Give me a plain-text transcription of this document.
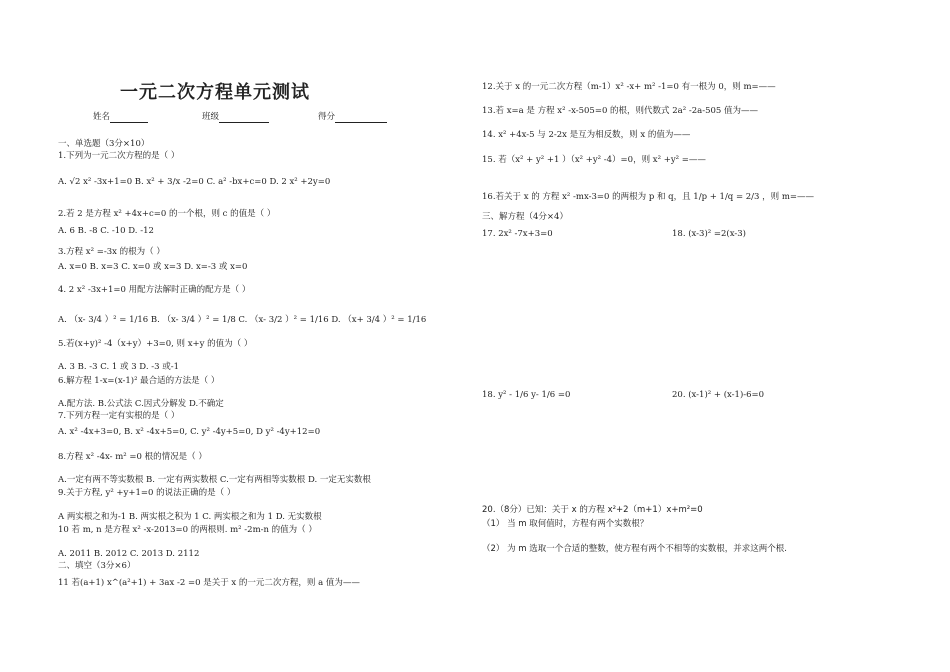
一元二次方程单元测试
姓名	班级	得分
一、单选题（3分×10）
1.下列为一元二次方程的是（ ）
A. √2 x² -3x+1=0 B. x² + 3/x -2=0 C. a² -bx+c=0 D. 2 x² +2y=0
2.若 2 是方程 x² +4x+c=0 的一个根，则 c 的值是（ ）
A. 6 B. -8 C. -10 D. -12
3.方程 x² =-3x 的根为（ ）
A. x=0 B. x=3 C. x=0 或 x=3 D. x=-3 或 x=0
4. 2 x² -3x+1=0 用配方法解时正确的配方是（ ）
A. （x- 3/4 ）² = 1/16 B. （x- 3/4 ）² = 1/8 C. （x- 3/2 ）² = 1/16 D. （x+ 3/4 ）² = 1/16
5.若(x+y)² -4（x+y）+3=0, 则 x+y 的值为（ ）
A. 3 B. -3 C. 1 或 3 D. -3 或-1
6.解方程 1-x=(x-1)² 最合适的方法是（ ）
A.配方法. B.公式法 C.因式分解发 D.不确定
7.下列方程一定有实根的是（ ）
A. x² -4x+3=0, B. x² -4x+5=0, C. y² -4y+5=0, D y² -4y+12=0
8.方程 x² -4x- m² =0 根的情况是（ ）
A.一定有两不等实数根 B. 一定有两实数根 C.一定有两相等实数根 D. 一定无实数根
9.关于方程, y² +y+1=0 的说法正确的是（ ）
A 两实根之和为-1 B. 两实根之积为 1 C. 两实根之和为 1 D. 无实数根
10 若 m, n 是方程 x² -x-2013=0 的两根则. m² -2m-n 的值为（ ）
A. 2011 B. 2012 C. 2013 D. 2112
二、填空（3分×6）
11 若(a+1) x^(a²+1) + 3ax -2 =0 是关于 x 的一元二次方程，则 a 值为——
12.关于 x 的一元二次方程（m-1）x² -x+ m² -1=0 有一根为 0，则 m=——
13.若 x=a 是 方程 x² -x-505=0 的根，则代数式 2a² -2a-505 值为——
14. x² +4x-5 与 2-2x 是互为相反数，则 x 的值为——
15. 若（x² + y² +1 ）（x² +y² -4）=0，则 x² +y² =——
16.若关于 x 的 方程 x² -mx-3=0 的两根为 p 和 q，且 1/p + 1/q = 2/3 ，则 m=——
三、解方程（4分×4）
17. 2x² -7x+3=0
18. y² - 1/6 y- 1/6 =0
20.（8分）已知：关于 x 的方程 x²+2（m+1）x+m²=0
（1） 当 m 取何值时，方程有两个实数根？
（2） 为 m 选取一个合适的整数，使方程有两个不相等的实数根，并求这两个根.
18. (x-3)² =2(x-3)
20. (x-1)² + (x-1)-6=0
